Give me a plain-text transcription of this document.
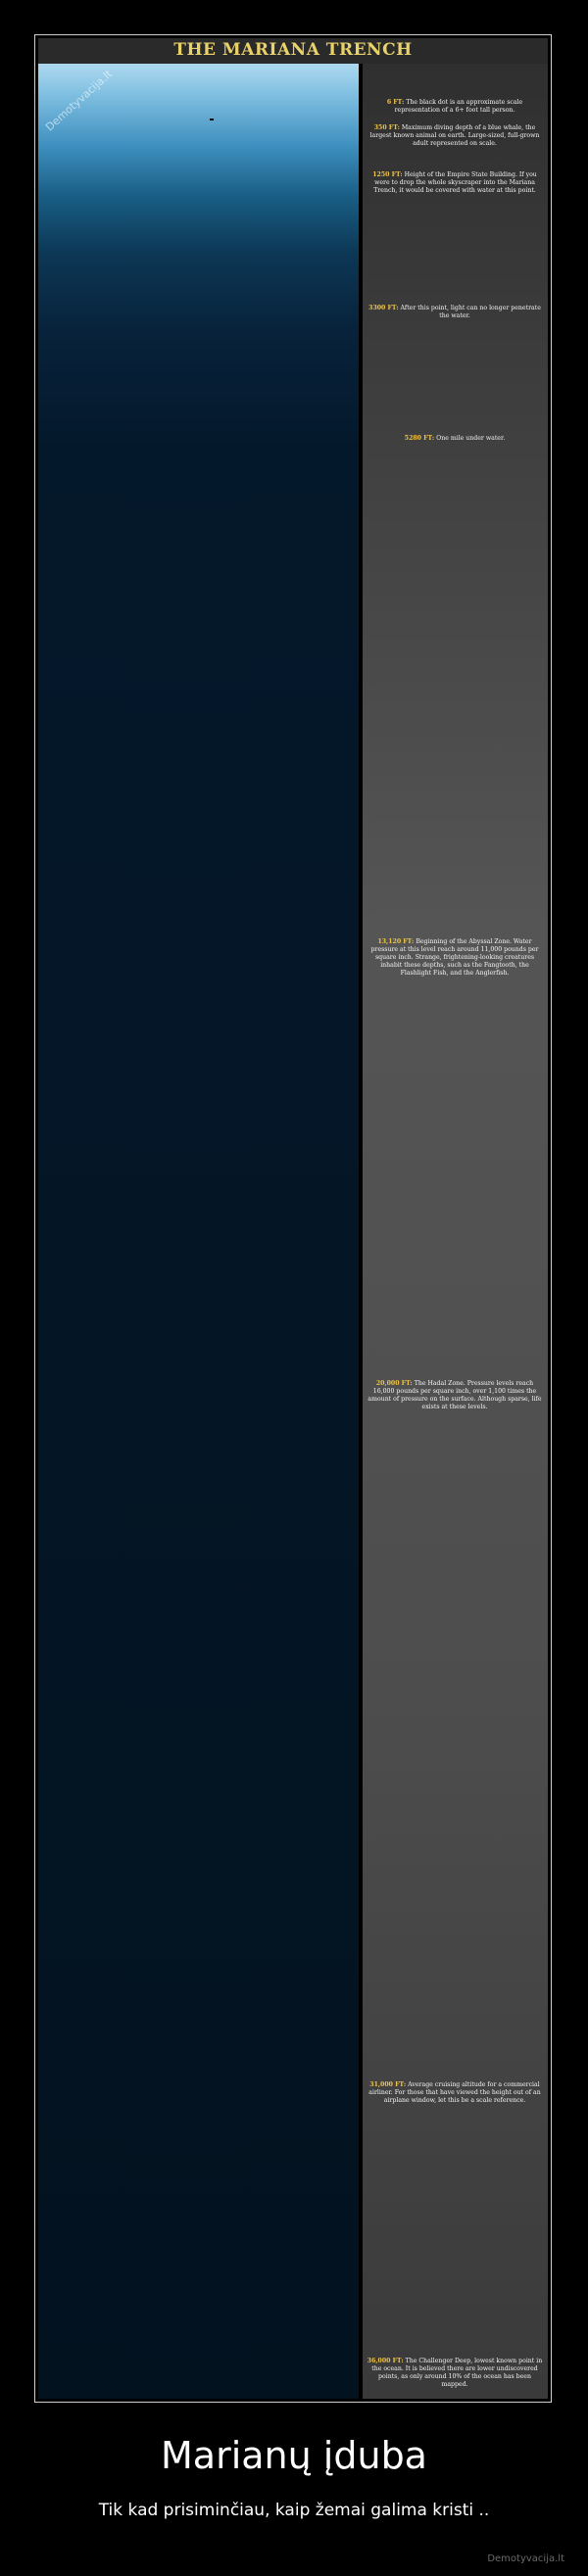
6 FT: The black dot is an approximate scale representation of a 6+ foot tall person.
350 FT: Maximum diving depth of a blue whale, the largest known animal on earth. Large-sized, full-grown adult represented on scale.
1250 FT: Height of the Empire State Building. If you were to drop the whole skyscraper into the Mariana Trench, it would be covered with water at this point.
3300 FT: After this point, light can no longer penetrate the water.
5280 FT: One mile under water.
13,120 FT: Beginning of the Abyssal Zone. Water pressure at this level reach around 11,000 pounds per square inch. Strange, frightening-looking creatures inhabit these depths, such as the Fangtooth, the Flashlight Fish, and the Anglerfish.
20,000 FT: The Hadal Zone. Pressure levels reach 16,000 pounds per square inch, over 1,100 times the amount of pressure on the surface. Although sparse, life exists at these levels.
31,000 FT: Average cruising altitude for a commercial airliner. For those that have viewed the height out of an airplane window, let this be a scale reference.
36,000 FT: The Challenger Deep, lowest known point in the ocean. It is believed there are lower undiscovered points, as only around 10% of the ocean has been mapped.
THE MARIANA TRENCH
Demotyvacija.lt
Marianų įduba
Tik kad prisiminčiau, kaip žemai galima kristi ..
Demotyvacija.lt
